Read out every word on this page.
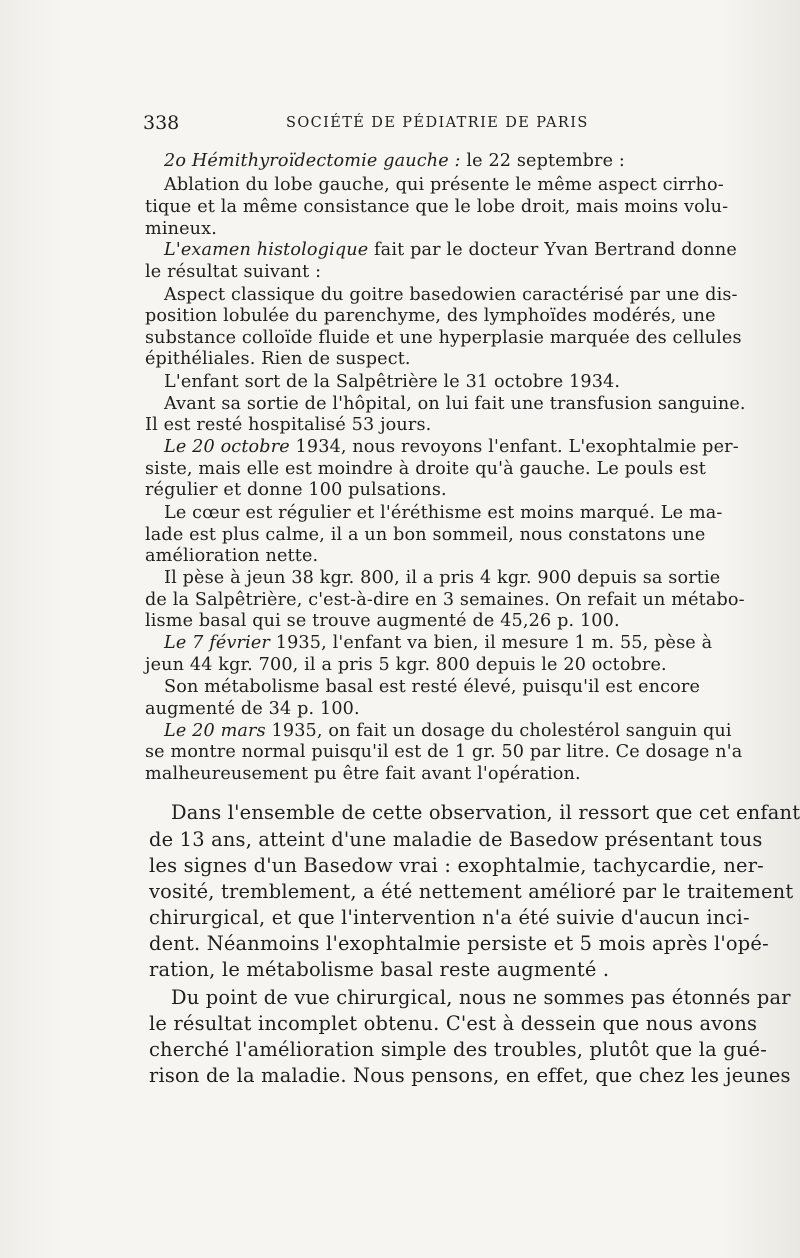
338	SOCIÉTÉ DE PÉDIATRIE DE PARIS
2o Hémithyroïdectomie gauche : le 22 septembre :
Ablation du lobe gauche, qui présente le même aspect cirrho-
tique et la même consistance que le lobe droit, mais moins volu-
mineux.
L'examen histologique fait par le docteur Yvan Bertrand donne
le résultat suivant :
Aspect classique du goitre basedowien caractérisé par une dis-
position lobulée du parenchyme, des lymphoïdes modérés, une
substance colloïde fluide et une hyperplasie marquée des cellules
épithéliales. Rien de suspect.
L'enfant sort de la Salpêtrière le 31 octobre 1934.
Avant sa sortie de l'hôpital, on lui fait une transfusion sanguine.
Il est resté hospitalisé 53 jours.
Le 20 octobre 1934, nous revoyons l'enfant. L'exophtalmie per-
siste, mais elle est moindre à droite qu'à gauche. Le pouls est
régulier et donne 100 pulsations.
Le cœur est régulier et l'éréthisme est moins marqué. Le ma-
lade est plus calme, il a un bon sommeil, nous constatons une
amélioration nette.
Il pèse à jeun 38 kgr. 800, il a pris 4 kgr. 900 depuis sa sortie
de la Salpêtrière, c'est-à-dire en 3 semaines. On refait un métabo-
lisme basal qui se trouve augmenté de 45,26 p. 100.
Le 7 février 1935, l'enfant va bien, il mesure 1 m. 55, pèse à
jeun 44 kgr. 700, il a pris 5 kgr. 800 depuis le 20 octobre.
Son métabolisme basal est resté élevé, puisqu'il est encore
augmenté de 34 p. 100.
Le 20 mars 1935, on fait un dosage du cholestérol sanguin qui
se montre normal puisqu'il est de 1 gr. 50 par litre. Ce dosage n'a
malheureusement pu être fait avant l'opération.
Dans l'ensemble de cette observation, il ressort que cet enfant
de 13 ans, atteint d'une maladie de Basedow présentant tous
les signes d'un Basedow vrai : exophtalmie, tachycardie, ner-
vosité, tremblement, a été nettement amélioré par le traitement
chirurgical, et que l'intervention n'a été suivie d'aucun inci-
dent. Néanmoins l'exophtalmie persiste et 5 mois après l'opé-
ration, le métabolisme basal reste augmenté .
Du point de vue chirurgical, nous ne sommes pas étonnés par
le résultat incomplet obtenu. C'est à dessein que nous avons
cherché l'amélioration simple des troubles, plutôt que la gué-
rison de la maladie. Nous pensons, en effet, que chez les jeunes
